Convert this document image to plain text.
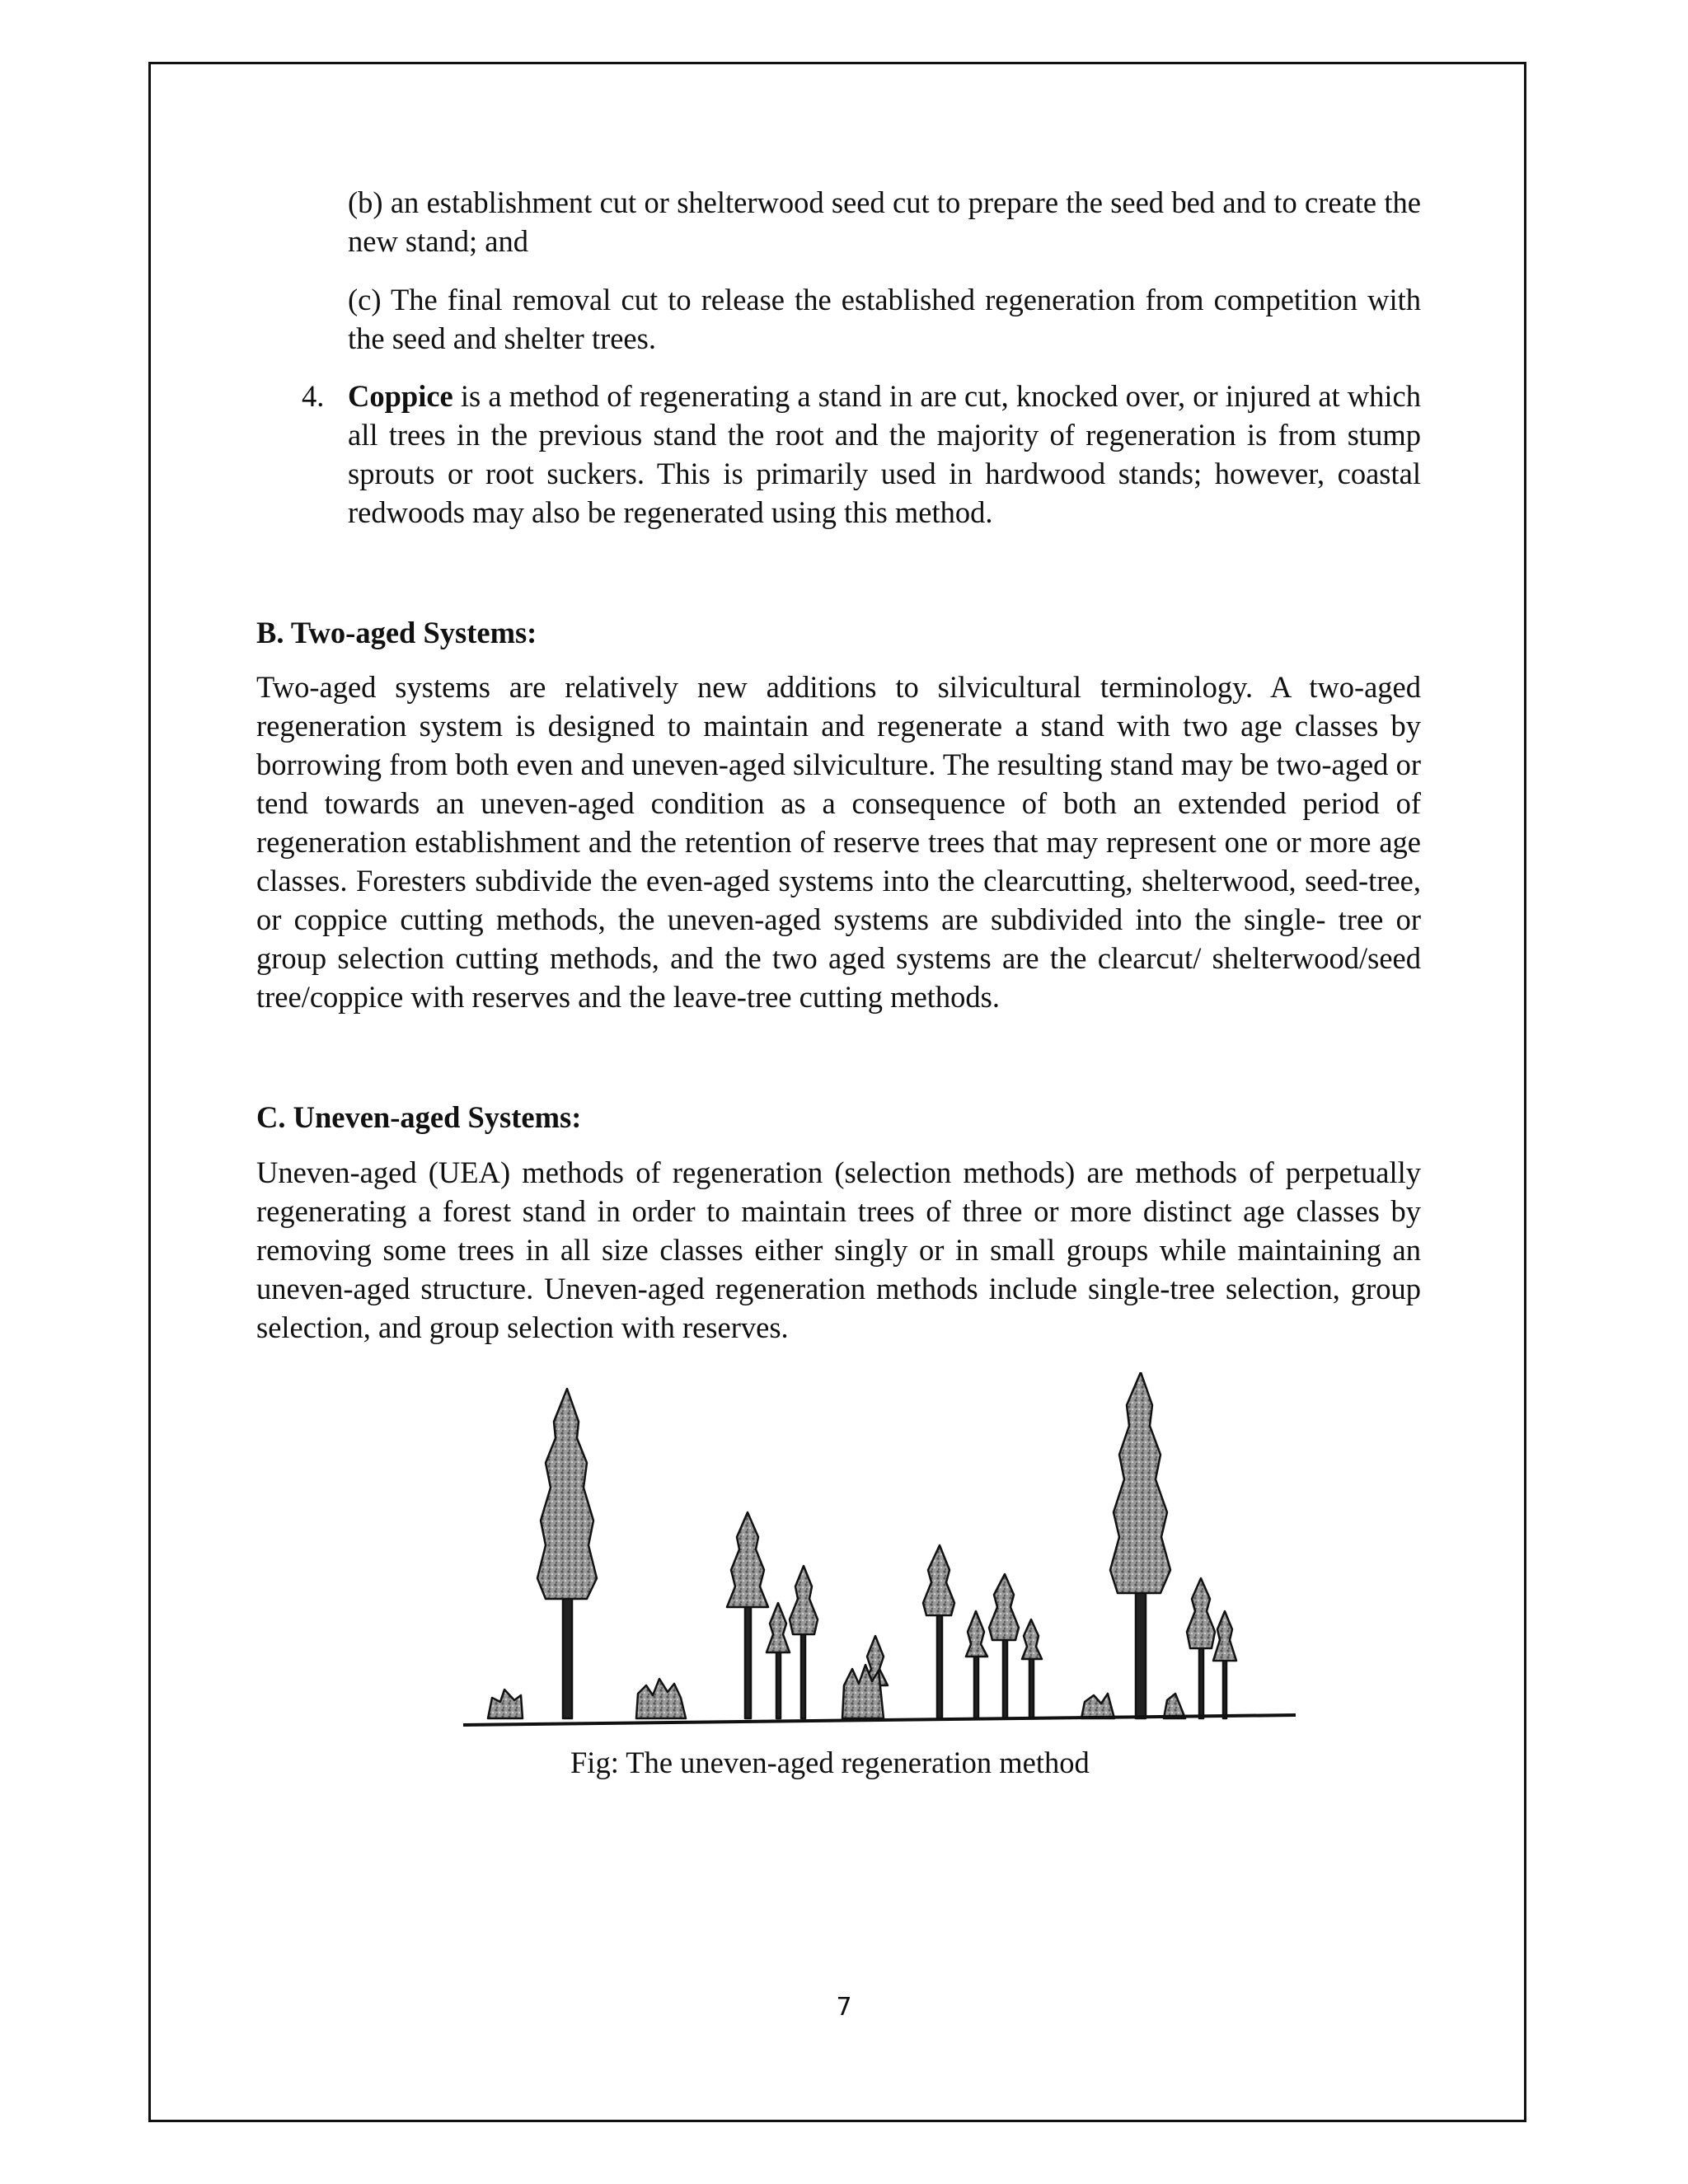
(b) an establishment cut or shelterwood seed cut to prepare the seed bed and to create the new stand; and

(c) The final removal cut to release the established regeneration from competition with the seed and shelter trees.

4. Coppice is a method of regenerating a stand in are cut, knocked over, or injured at which all trees in the previous stand the root and the majority of regeneration is from stump sprouts or root suckers. This is primarily used in hardwood stands; however, coastal redwoods may also be regenerated using this method.

B. Two-aged Systems:

Two-aged systems are relatively new additions to silvicultural terminology. A two-aged regeneration system is designed to maintain and regenerate a stand with two age classes by borrowing from both even and uneven-aged silviculture. The resulting stand may be two-aged or tend towards an uneven-aged condition as a consequence of both an extended period of regeneration establishment and the retention of reserve trees that may represent one or more age classes. Foresters subdivide the even-aged systems into the clearcutting, shelterwood, seed-tree, or coppice cutting methods, the uneven-aged systems are subdivided into the single- tree or group selection cutting methods, and the two aged systems are the clearcut/ shelterwood/seed tree/coppice with reserves and the leave-tree cutting methods.

C. Uneven-aged Systems:

Uneven-aged (UEA) methods of regeneration (selection methods) are methods of perpetually regenerating a forest stand in order to maintain trees of three or more distinct age classes by removing some trees in all size classes either singly or in small groups while maintaining an uneven-aged structure. Uneven-aged regeneration methods include single-tree selection, group selection, and group selection with reserves.

Fig: The uneven-aged regeneration method
7
